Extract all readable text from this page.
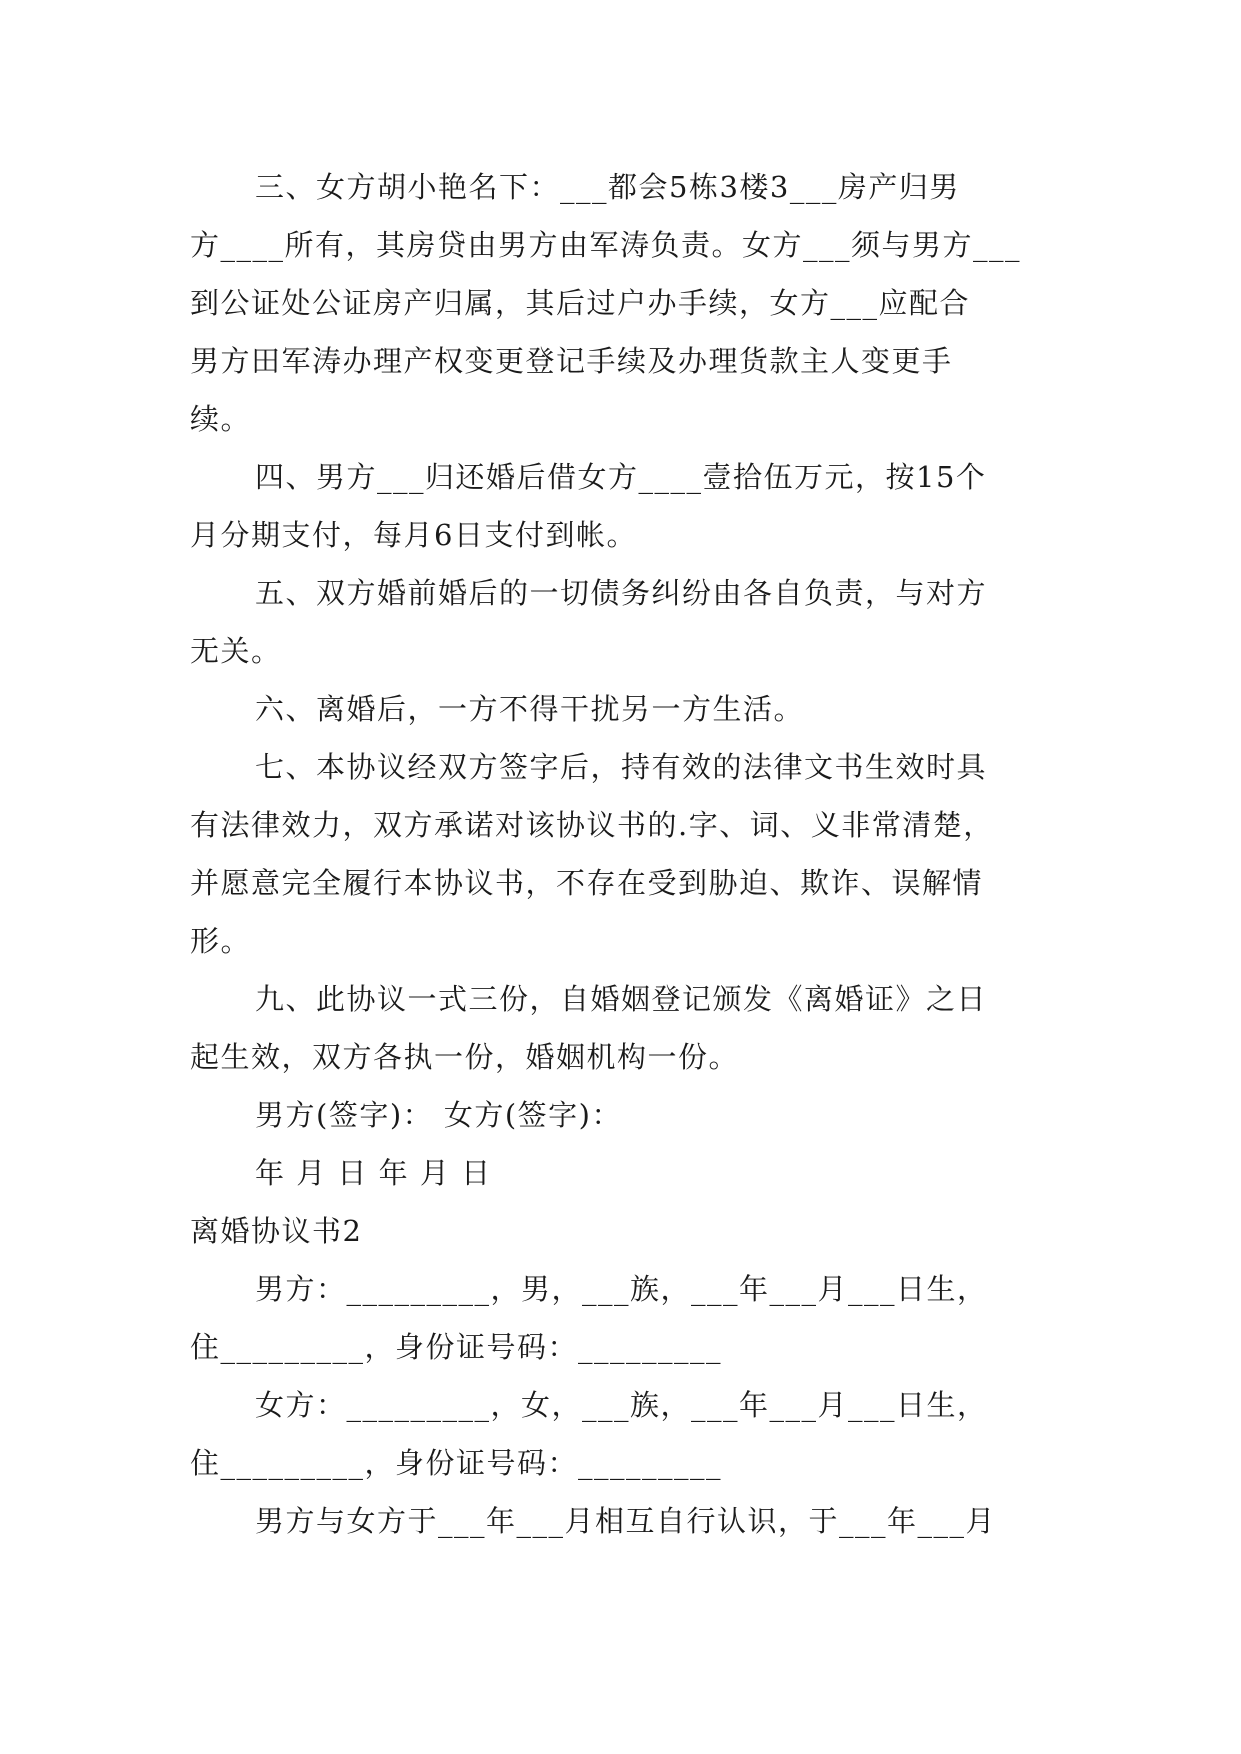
三、女方胡小艳名下：___都会5栋3楼3___房产归男
方____所有，其房贷由男方由军涛负责。女方___须与男方___
到公证处公证房产归属，其后过户办手续，女方___应配合
男方田军涛办理产权变更登记手续及办理货款主人变更手
续。
四、男方___归还婚后借女方____壹拾伍万元，按15个
月分期支付，每月6日支付到帐。
五、双方婚前婚后的一切债务纠纷由各自负责，与对方
无关。
六、离婚后，一方不得干扰另一方生活。
七、本协议经双方签字后，持有效的法律文书生效时具
有法律效力，双方承诺对该协议书的.字、词、义非常清楚，
并愿意完全履行本协议书，不存在受到胁迫、欺诈、误解情
形。
九、此协议一式三份，自婚姻登记颁发《离婚证》之日
起生效，双方各执一份，婚姻机构一份。
男方(签字)： 女方(签字)：
年 月 日 年 月 日
离婚协议书2
男方：_________，男，___族，___年___月___日生，
住_________，身份证号码：_________
女方：_________，女，___族，___年___月___日生，
住_________，身份证号码：_________
男方与女方于___年___月相互自行认识，于___年___月
